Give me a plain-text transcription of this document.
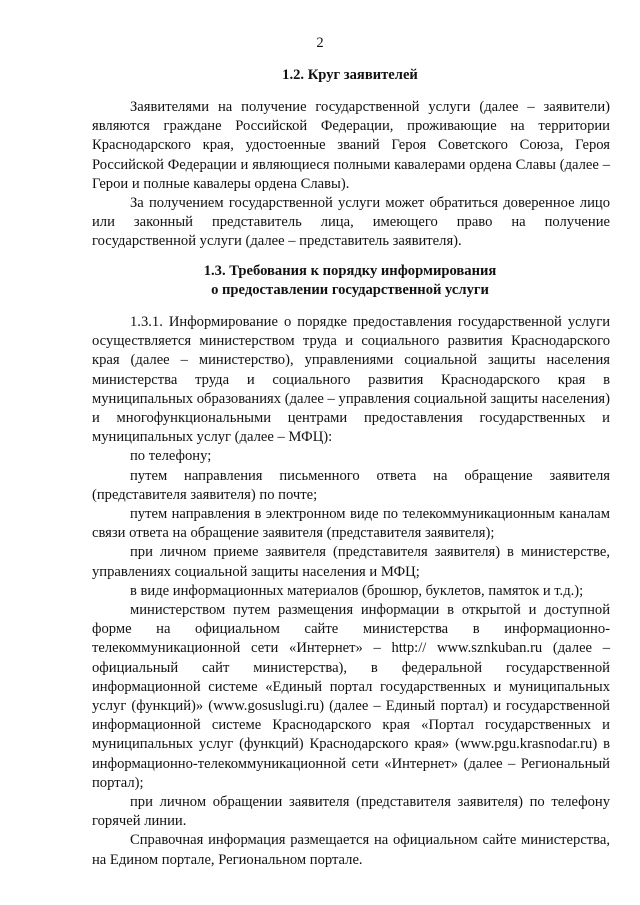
2
1.2. Круг заявителей

Заявителями на получение государственной услуги (далее – заявители) являются граждане Российской Федерации, проживающие на территории Краснодарского края, удостоенные званий Героя Советского Союза, Героя Российской Федерации и являющиеся полными кавалерами ордена Славы (далее – Герои и полные кавалеры ордена Славы).

За получением государственной услуги может обратиться доверенное лицо или законный представитель лица, имеющего право на получение государственной услуги (далее – представитель заявителя).

1.3. Требования к порядку информирования
о предоставлении государственной услуги

1.3.1. Информирование о порядке предоставления государственной услуги осуществляется министерством труда и социального развития Краснодарского края (далее – министерство), управлениями социальной защиты населения министерства труда и социального развития Краснодарского края в муниципальных образованиях (далее – управления социальной защиты населения) и многофункциональными центрами предоставления государственных и муниципальных услуг (далее – МФЦ):

по телефону;

путем направления письменного ответа на обращение заявителя (представителя заявителя) по почте;

путем направления в электронном виде по телекоммуникационным каналам связи ответа на обращение заявителя (представителя заявителя);

при личном приеме заявителя (представителя заявителя) в министерстве, управлениях социальной защиты населения и МФЦ;

в виде информационных материалов (брошюр, буклетов, памяток и т.д.);

министерством путем размещения информации в открытой и доступной форме на официальном сайте министерства в информационно-телекоммуникационной сети «Интернет» – http:// www.sznkuban.ru (далее – официальный сайт министерства), в федеральной государственной информационной системе «Единый портал государственных и муниципальных услуг (функций)» (www.gosuslugi.ru) (далее – Единый портал) и государственной информационной системе Краснодарского края «Портал государственных и муниципальных услуг (функций) Краснодарского края» (www.pgu.krasnodar.ru) в информационно-телекоммуникационной сети «Интернет» (далее – Региональный портал);

при личном обращении заявителя (представителя заявителя) по телефону горячей линии.

Справочная информация размещается на официальном сайте министерства, на Едином портале, Региональном портале.
